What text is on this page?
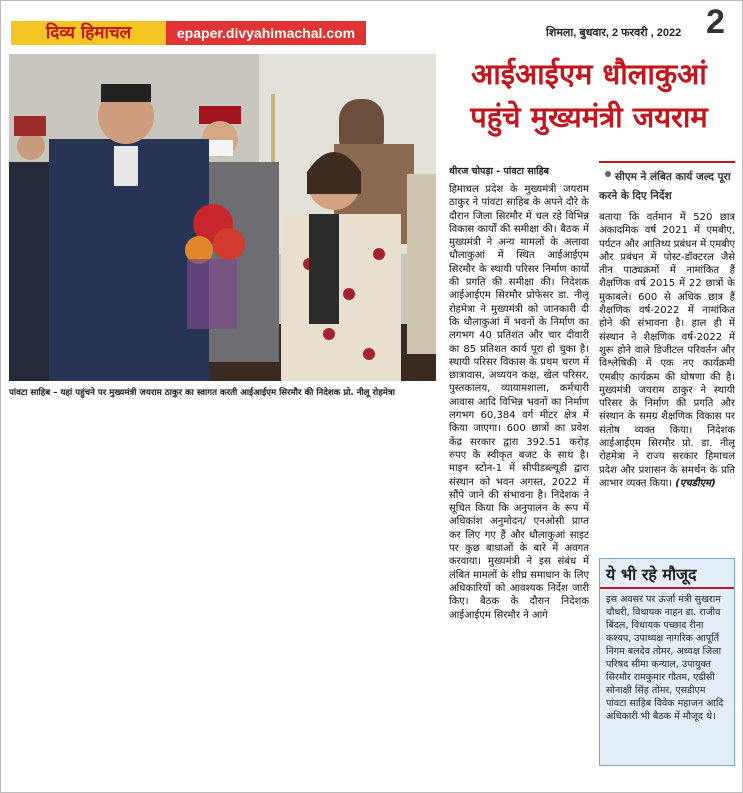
दिव्य हिमाचल	epaper.divyahimachal.com	शिमला, बुधवार, 2 फरवरी , 2022 2
पांवटा साहिब – यहां पहुंचने पर मुख्यमंत्री जयराम ठाकुर का स्वागत करती आईआईएम सिरमौर की निदेशक प्रो. नीलू रोहमेत्रा
आईआईएम धौलाकुआं
पहुंचे मुख्यमंत्री जयराम
धीरज चोपड़ा - पांवटा साहिब	सीएम ने लंबित कार्य जल्द पूरा करने के दिए निर्देश

हिमाचल प्रदेश के मुख्यमंत्री जयराम ठाकुर ने पांवटा साहिब के अपने दौरे के दौरान जिला सिरमौर में चल रहे विभिन्न विकास कार्यों की समीक्षा की। बैठक में मुख्यमंत्री ने अन्य मामलों के अलावा धौलाकुआं में स्थित आईआईएम सिरमौर के स्थायी परिसर निर्माण कार्यों की प्रगति की समीक्षा की। निदेशक आईआईएम सिरमौर प्रोफेसर डा. नीलू रोहमेत्रा ने मुख्यमंत्री को जानकारी दी कि धौलाकुआं में भवनों के निर्माण का लगभग 40 प्रतिशत और चार दीवारी का 85 प्रतिशत कार्य पूरा हो चुका है। स्थायी परिसर विकास के प्रथम चरण में छात्रावास, अध्ययन कक्ष, खेल परिसर, पुस्तकालय, व्यायामशाला, कर्मचारी आवास आदि विभिन्न भवनों का निर्माण लगभग 60,384 वर्ग मीटर क्षेत्र में किया जाएगा। 600 छात्रों का प्रवेश केंद्र सरकार द्वारा 392.51 करोड़ रुपए के स्वीकृत बजट के साथ है। माइन स्टोन-1 में सीपीडब्ल्यूडी द्वारा संस्थान को भवन अगस्त, 2022 में सौंपे जाने की संभावना है। निदेशक ने सूचित किया कि अनुपालन के रूप में अधिकांश अनुमोदन/ एनओसी प्राप्त कर लिए गए हैं और धौलाकुआं साइट पर कुछ बाधाओं के बारे में अवगत करवाया। मुख्यमंत्री ने इस संबंध में लंबित मामलों के शीघ्र समाधान के लिए अधिकारियों को आवश्यक निर्देश जारी किए। बैठक के दौरान निदेशक आईआईएम सिरमौर ने आगे

बताया कि वर्तमान में 520 छात्र अकादमिक वर्ष 2021 में एमबीए, पर्यटन और आतिथ्य प्रबंधन में एमबीए और प्रबंधन में पोस्ट-डॉक्टरल जैसे तीन पाठ्यक्रमों में नामांकित हैं शैक्षणिक वर्ष 2015 में 22 छात्रों के मुकाबले। 600 से अधिक छात्र हैं शैक्षणिक वर्ष-2022 में नामांकित होने की संभावना है। हाल ही में संस्थान ने शैक्षणिक वर्ष-2022 में शुरू होने वाले डिजीटल परिवर्तन और विश्लेषिकी में एक नए कार्यक्रमी एमबीए कार्यक्रम की घोषणा की है। मुख्यमंत्री जयराम ठाकुर ने स्थायी परिसर के निर्माण की प्रगति और संस्थान के समग्र शैक्षणिक विकास पर संतोष व्यक्त किया। निदेशक आईआईएम सिरमौर प्रो. डा. नीलू रोहमेत्रा ने राज्य सरकार हिमाचल प्रदेश और प्रशासन के समर्थन के प्रति आभार व्यक्त किया। (एचडीएम)

ये भी रहे मौजूद

इस अवसर पर ऊर्जा मंत्री सुखराम चौधरी, विधायक नाहन डा. राजीव बिंदल, विधायक पच्छाद रीना कश्यप, उपाध्यक्ष नागरिक आपूर्ति निगम बलदेव तोमर, अध्यक्ष जिला परिषद सीमा कन्याल, उपायुक्त सिरमौर रामकुमार गौतम, एडीसी सोनाक्षी सिंह तोमर, एसडीएम पांवटा साहिब विवेक महाजन आदि अधिकारी भी बैठक में मौजूद थे।
